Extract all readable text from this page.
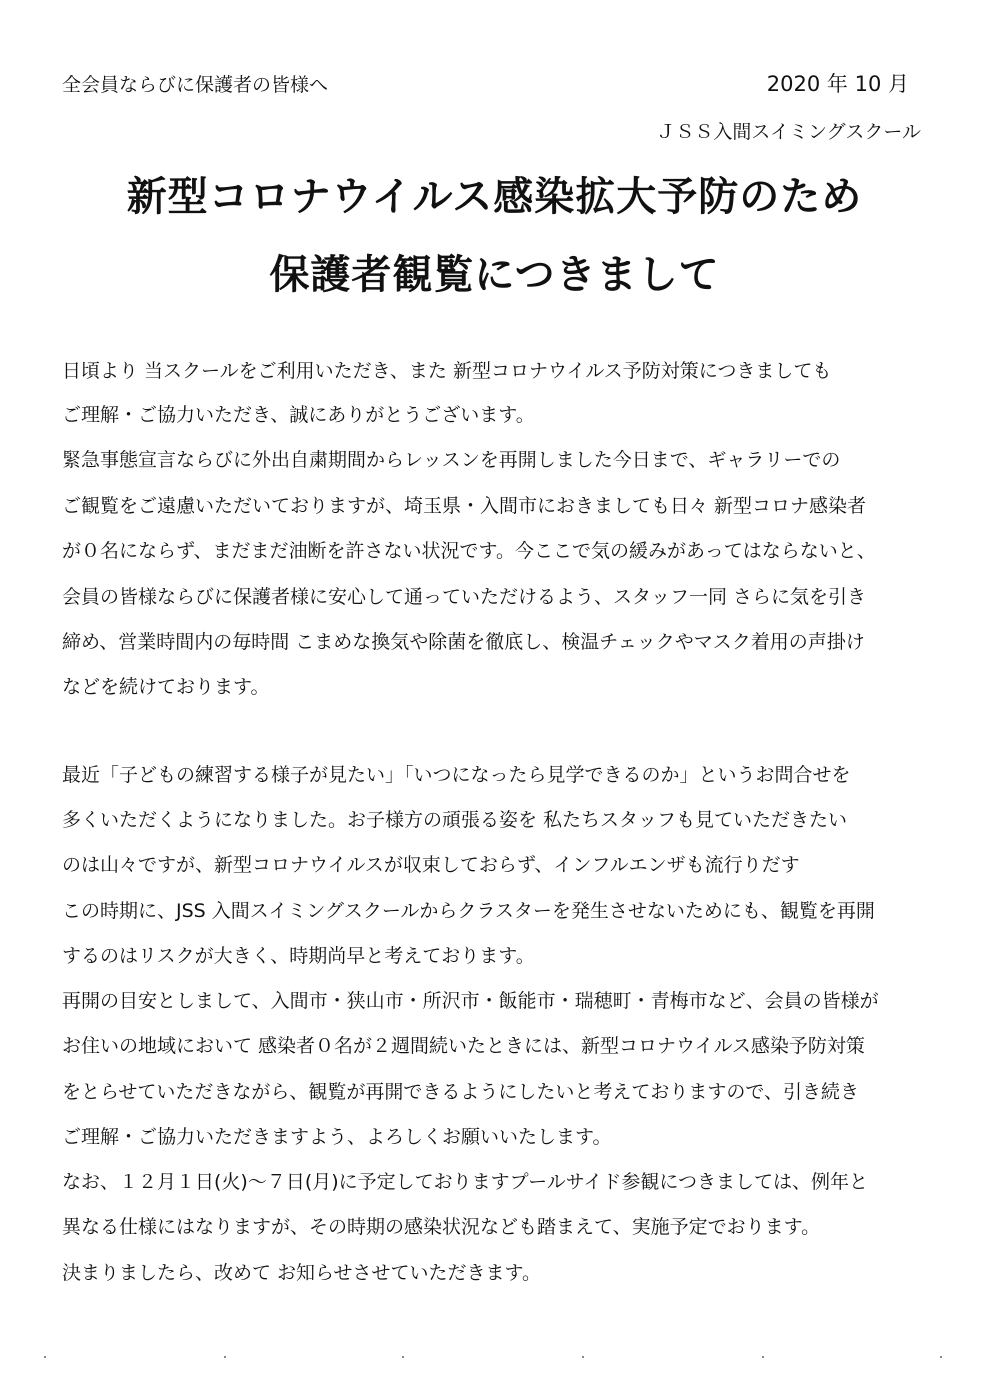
全会員ならびに保護者の皆様へ	2020 年 10 月
ＪＳＳ入間スイミングスクール
新型コロナウイルス感染拡大予防のため
保護者観覧につきまして
日頃より 当スクールをご利用いただき、また 新型コロナウイルス予防対策につきましても
ご理解・ご協力いただき、誠にありがとうございます。
緊急事態宣言ならびに外出自粛期間からレッスンを再開しました今日まで、ギャラリーでの
ご観覧をご遠慮いただいておりますが、埼玉県・入間市におきましても日々 新型コロナ感染者
が０名にならず、まだまだ油断を許さない状況です。今ここで気の緩みがあってはならないと、
会員の皆様ならびに保護者様に安心して通っていただけるよう、スタッフ一同 さらに気を引き
締め、営業時間内の毎時間 こまめな換気や除菌を徹底し、検温チェックやマスク着用の声掛け
などを続けております。
最近「子どもの練習する様子が見たい」「いつになったら見学できるのか」というお問合せを
多くいただくようになりました。お子様方の頑張る姿を 私たちスタッフも見ていただきたい
のは山々ですが、新型コロナウイルスが収束しておらず、インフルエンザも流行りだす
この時期に、JSS 入間スイミングスクールからクラスターを発生させないためにも、観覧を再開
するのはリスクが大きく、時期尚早と考えております。
再開の目安としまして、入間市・狭山市・所沢市・飯能市・瑞穂町・青梅市など、会員の皆様が
お住いの地域において 感染者０名が２週間続いたときには、新型コロナウイルス感染予防対策
をとらせていただきながら、観覧が再開できるようにしたいと考えておりますので、引き続き
ご理解・ご協力いただきますよう、よろしくお願いいたします。
なお、１２月１日(火)～７日(月)に予定しておりますプールサイド参観につきましては、例年と
異なる仕様にはなりますが、その時期の感染状況なども踏まえて、実施予定でおります。
決まりましたら、改めて お知らせさせていただきます。
